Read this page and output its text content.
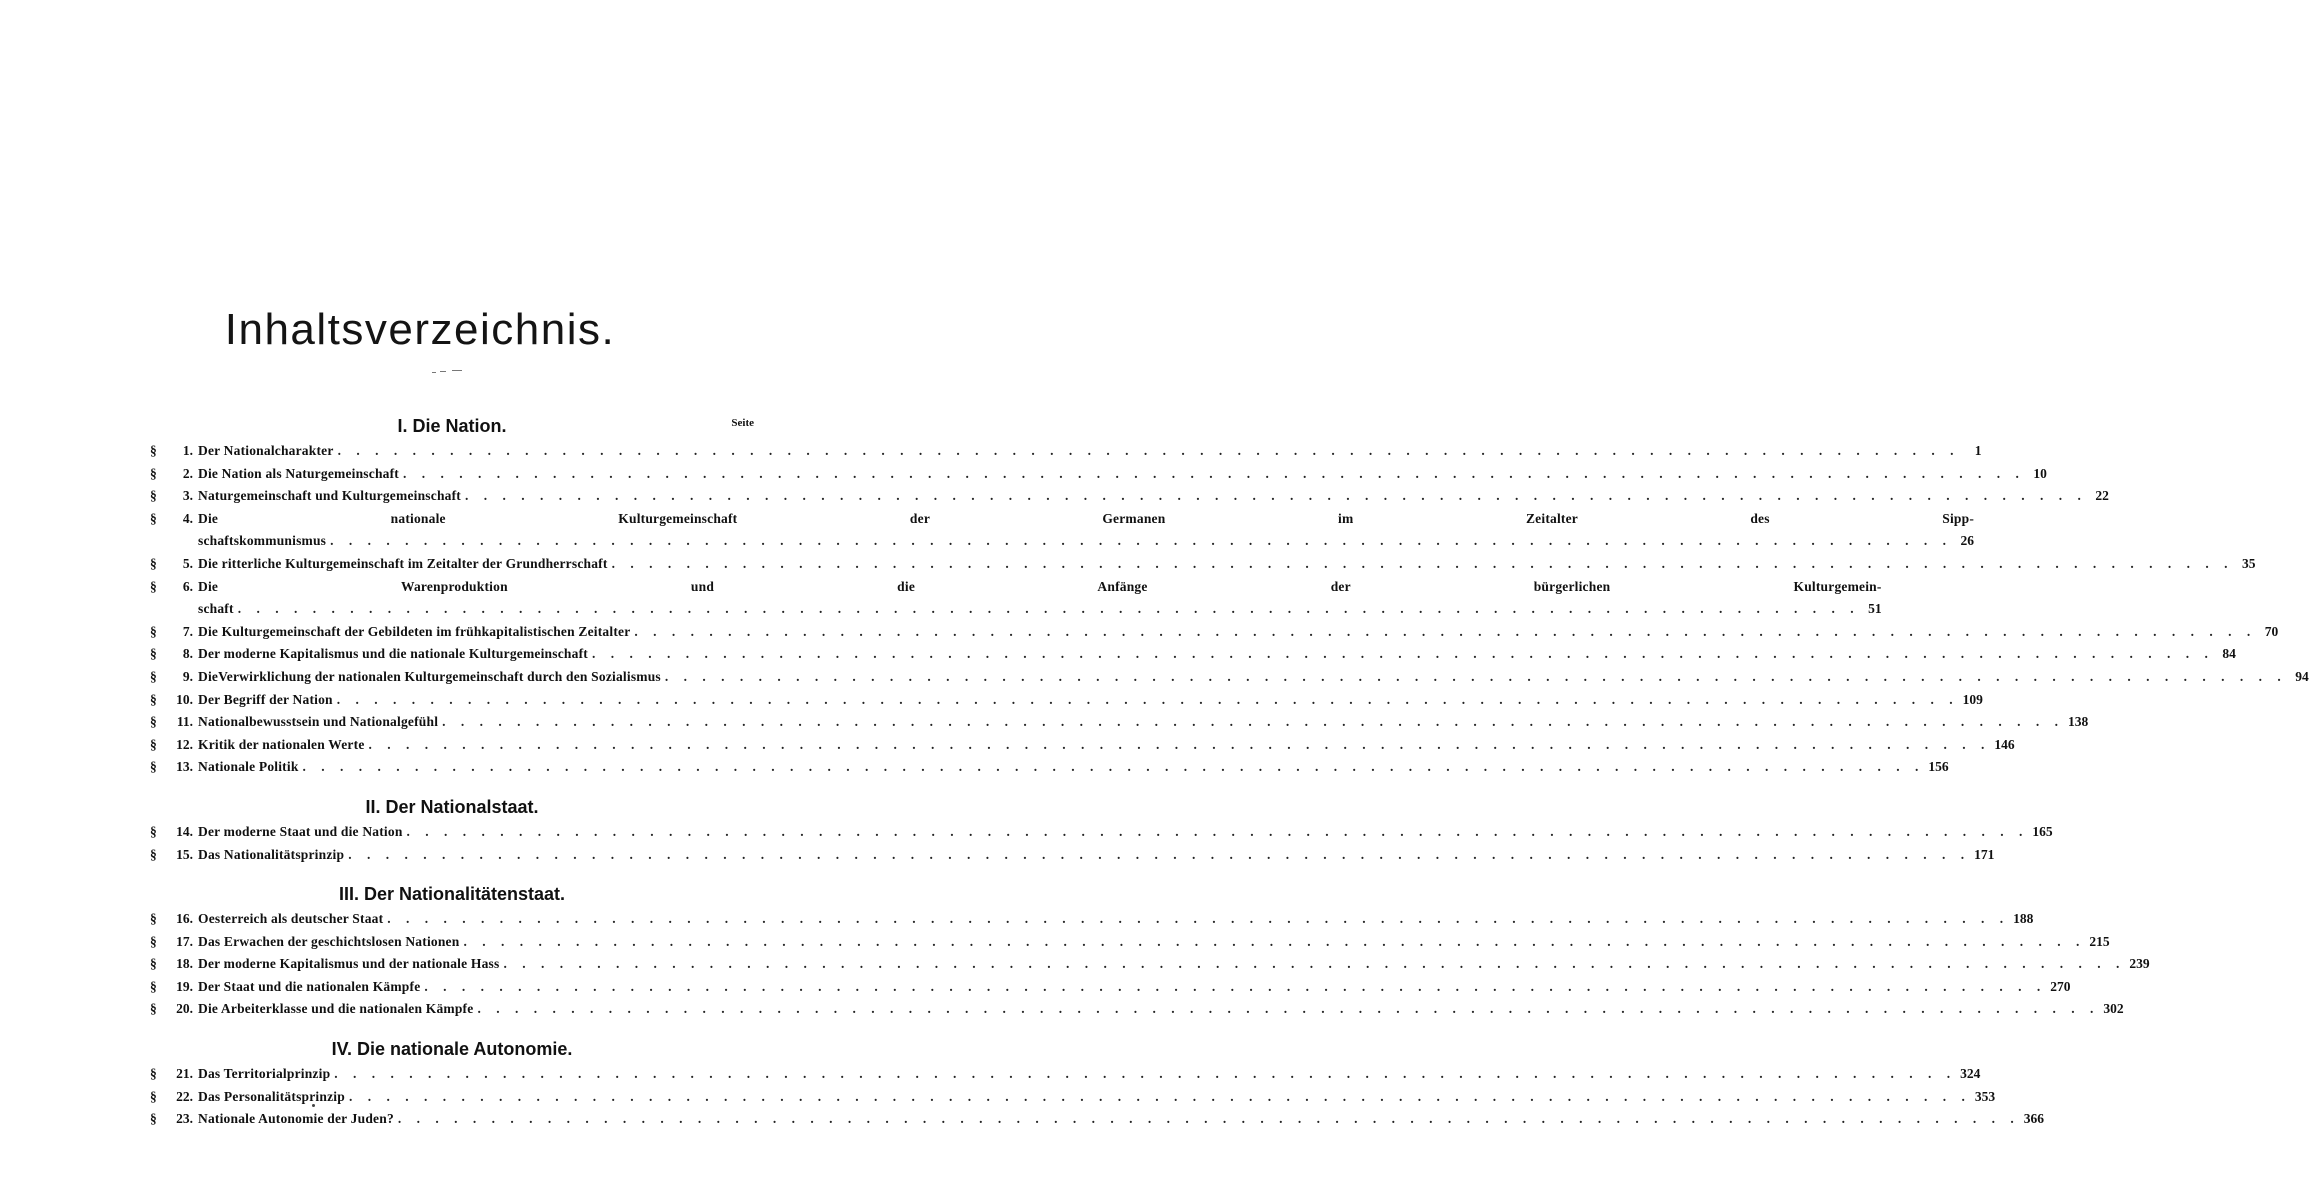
Inhaltsverzeichnis.
I. Die Nation.	Seite
§	1. Der Nationalcharakter . . .	1
§	2. Die Nation als Naturgemeinschaft . . .	10
§	3. Naturgemeinschaft und Kulturgemeinschaft . . .	22
§	4. Die nationale Kulturgemeinschaft der Germanen im Zeitalter des Sipp-
schaftskommunismus . . .	26
§	5. Die ritterliche Kulturgemeinschaft im Zeitalter der Grundherrschaft . . .	35
§	6. Die Warenproduktion und die Anfänge der bürgerlichen Kulturgemein-
schaft . . .	51
§	7. Die Kulturgemeinschaft der Gebildeten im frühkapitalistischen Zeitalter . . .	70
§	8. Der moderne Kapitalismus und die nationale Kulturgemeinschaft . . .	84
§	9. DieVerwirklichung der nationalen Kulturgemeinschaft durch den Sozialismus . . .	94
§	10. Der Begriff der Nation . . .	109
§	11. Nationalbewusstsein und Nationalgefühl . . .	138
§	12. Kritik der nationalen Werte . . .	146
§	13. Nationale Politik . . .	156
II. Der Nationalstaat.
§	14. Der moderne Staat und die Nation . . .	165
§	15. Das Nationalitätsprinzip . . .	171
III. Der Nationalitätenstaat.
§	16. Oesterreich als deutscher Staat . . .	188
§	17. Das Erwachen der geschichtslosen Nationen . . .	215
§	18. Der moderne Kapitalismus und der nationale Hass . . .	239
§	19. Der Staat und die nationalen Kämpfe . . .	270
§	20. Die Arbeiterklasse und die nationalen Kämpfe . . .	302
IV. Die nationale Autonomie.
§	21. Das Territorialprinzip . . .	324
§	22. Das Personalitätsprinzip . . .	353
§	23. Nationale Autonomie der Juden? . . .	366
